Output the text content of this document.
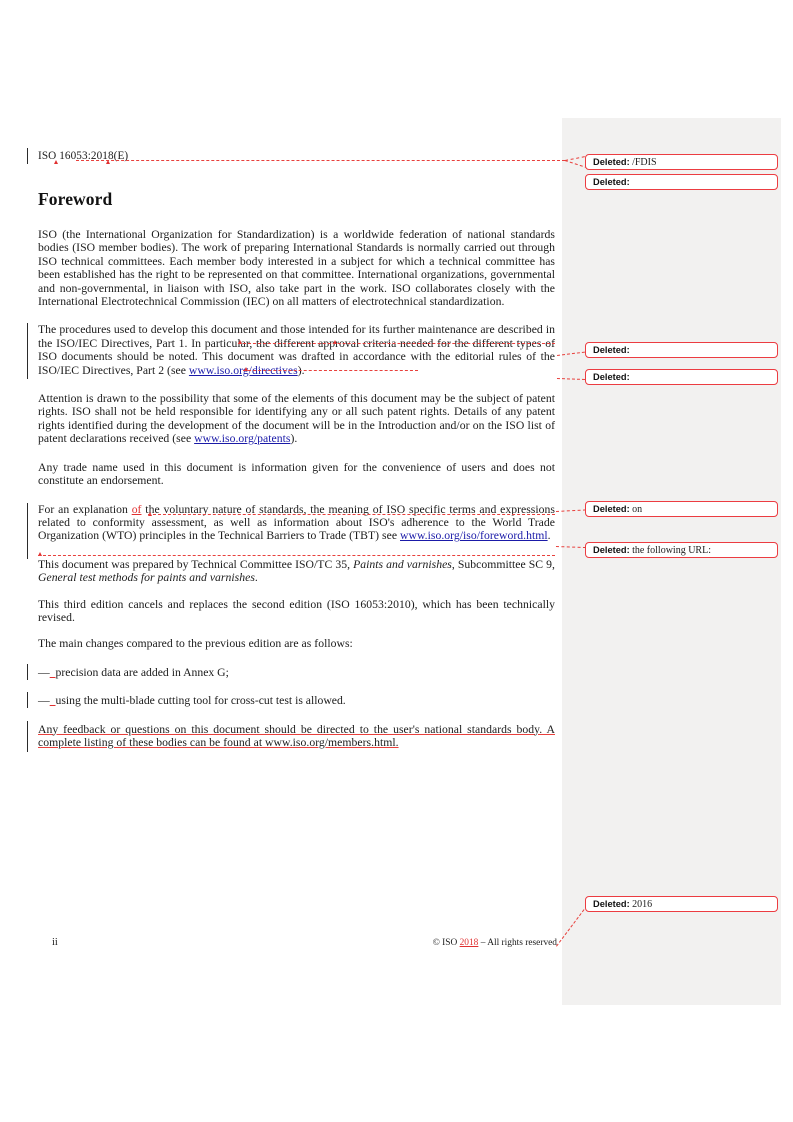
ISO 16053:2018(E)
Foreword

ISO (the International Organization for Standardization) is a worldwide federation of national standards bodies (ISO member bodies). The work of preparing International Standards is normally carried out through ISO technical committees. Each member body interested in a subject for which a technical committee has been established has the right to be represented on that committee. International organizations, governmental and non-governmental, in liaison with ISO, also take part in the work. ISO collaborates closely with the International Electrotechnical Commission (IEC) on all matters of electrotechnical standardization.

The procedures used to develop this document and those intended for its further maintenance are described in the ISO/IEC Directives, Part 1. In particular, the different approval criteria needed for the different types of ISO documents should be noted. This document was drafted in accordance with the editorial rules of the ISO/IEC Directives, Part 2 (see www.iso.org/directives).

Attention is drawn to the possibility that some of the elements of this document may be the subject of patent rights. ISO shall not be held responsible for identifying any or all such patent rights. Details of any patent rights identified during the development of the document will be in the Introduction and/or on the ISO list of patent declarations received (see www.iso.org/patents).

Any trade name used in this document is information given for the convenience of users and does not constitute an endorsement.

For an explanation of the voluntary nature of standards, the meaning of ISO specific terms and expressions related to conformity assessment, as well as information about ISO's adherence to the World Trade Organization (WTO) principles in the Technical Barriers to Trade (TBT) see www.iso.org/iso/foreword.html.

This document was prepared by Technical Committee ISO/TC 35, Paints and varnishes, Subcommittee SC 9, General test methods for paints and varnishes.

This third edition cancels and replaces the second edition (ISO 16053:2010), which has been technically revised.

The main changes compared to the previous edition are as follows:

— precision data are added in Annex G;

— using the multi-blade cutting tool for cross-cut test is allowed.

Any feedback or questions on this document should be directed to the user's national standards body. A complete listing of these bodies can be found at www.iso.org/members.html.

Deleted: /FDIS
Deleted:
Deleted:
Deleted:
Deleted: on
Deleted: the following URL:
Deleted: 2016
ii	© ISO 2018 – All rights reserved
